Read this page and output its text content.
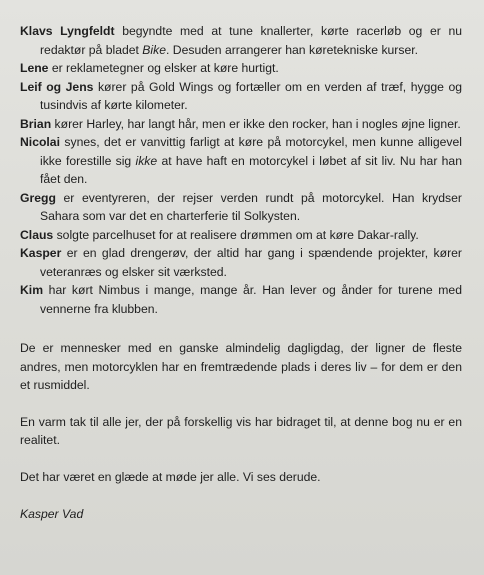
Klavs Lyngfeldt begyndte med at tune knallerter, kørte racerløb og er nu redaktør på bladet Bike. Desuden arrangerer han køretekniske kurser.

Lene er reklametegner og elsker at køre hurtigt.

Leif og Jens kører på Gold Wings og fortæller om en verden af træf, hygge og tusindvis af kørte kilometer.

Brian kører Harley, har langt hår, men er ikke den rocker, han i nogles øjne ligner.

Nicolai synes, det er vanvittig farligt at køre på motorcykel, men kunne alligevel ikke forestille sig ikke at have haft en motorcykel i løbet af sit liv. Nu har han fået den.

Gregg er eventyreren, der rejser verden rundt på motorcykel. Han krydser Sahara som var det en charterferie til Solkysten.

Claus solgte parcelhuset for at realisere drømmen om at køre Dakar-rally.

Kasper er en glad drengerøv, der altid har gang i spændende projekter, kører veteranræs og elsker sit værksted.

Kim har kørt Nimbus i mange, mange år. Han lever og ånder for turene med vennerne fra klubben.

De er mennesker med en ganske almindelig dagligdag, der ligner de fleste andres, men motorcyklen har en fremtrædende plads i deres liv – for dem er den et rusmiddel.

En varm tak til alle jer, der på forskellig vis har bidraget til, at denne bog nu er en realitet.

Det har været en glæde at møde jer alle. Vi ses derude.

Kasper Vad
